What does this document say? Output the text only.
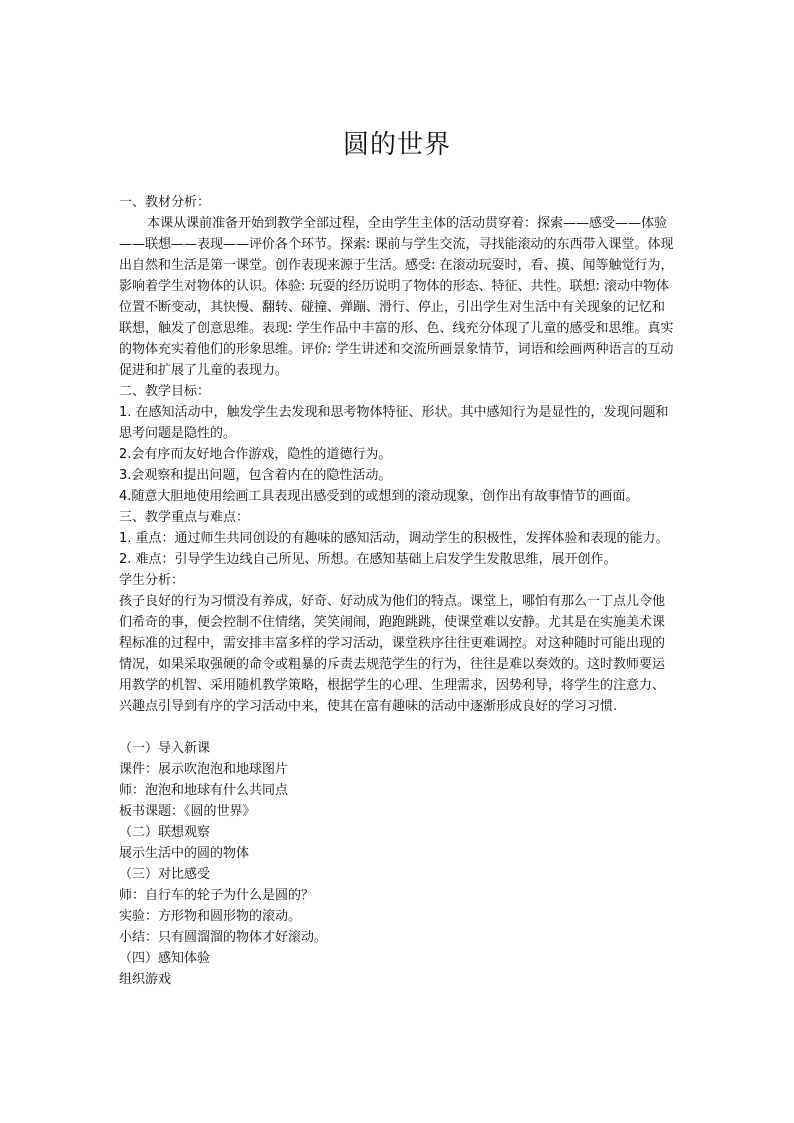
圆的世界

一、教材分析：

本课从课前准备开始到教学全部过程，全由学生主体的活动贯穿着：探索——感受——体验——联想——表现——评价各个环节。探索: 课前与学生交流，寻找能滚动的东西带入课堂。体现出自然和生活是第一课堂。创作表现来源于生活。感受: 在滚动玩耍时，看、摸、闻等触觉行为，影响着学生对物体的认识。体验: 玩耍的经历说明了物体的形态、特征、共性。联想: 滚动中物体位置不断变动，其快慢、翻转、碰撞、弹蹦、滑行、停止，引出学生对生活中有关现象的记忆和联想，触发了创意思维。表现: 学生作品中丰富的形、色、线充分体现了儿童的感受和思维。真实的物体充实着他们的形象思维。评价: 学生讲述和交流所画景象情节，词语和绘画两种语言的互动促进和扩展了儿童的表现力。

二、教学目标：

1. 在感知活动中，触发学生去发现和思考物体特征、形状。其中感知行为是显性的，发现问题和思考问题是隐性的。

2.会有序而友好地合作游戏，隐性的道德行为。

3.会观察和提出问题，包含着内在的隐性活动。

4.随意大胆地使用绘画工具表现出感受到的或想到的滚动现象，创作出有故事情节的画面。

三、教学重点与难点：

1. 重点：通过师生共同创设的有趣味的感知活动，调动学生的积极性，发挥体验和表现的能力。

2. 难点：引导学生边线自己所见、所想。在感知基础上启发学生发散思维，展开创作。

学生分析：

孩子良好的行为习惯没有养成，好奇、好动成为他们的特点。课堂上，哪怕有那么一丁点儿令他们希奇的事，便会控制不住情绪，笑笑闹闹，跑跑跳跳，使课堂难以安静。尤其是在实施美术课程标准的过程中，需安排丰富多样的学习活动，课堂秩序往往更难调控。对这种随时可能出现的情况，如果采取强硬的命令或粗暴的斥责去规范学生的行为，往往是难以奏效的。这时教师要运用教学的机智、采用随机教学策略，根据学生的心理、生理需求，因势利导，将学生的注意力、兴趣点引导到有序的学习活动中来，使其在富有趣味的活动中逐渐形成良好的学习习惯.

（一）导入新课

课件：展示吹泡泡和地球图片

师：泡泡和地球有什么共同点

板书课题：《圆的世界》

（二）联想观察

展示生活中的圆的物体

（三）对比感受

师：自行车的轮子为什么是圆的？

实验：方形物和圆形物的滚动。

小结：只有圆溜溜的物体才好滚动。

（四）感知体验

组织游戏
